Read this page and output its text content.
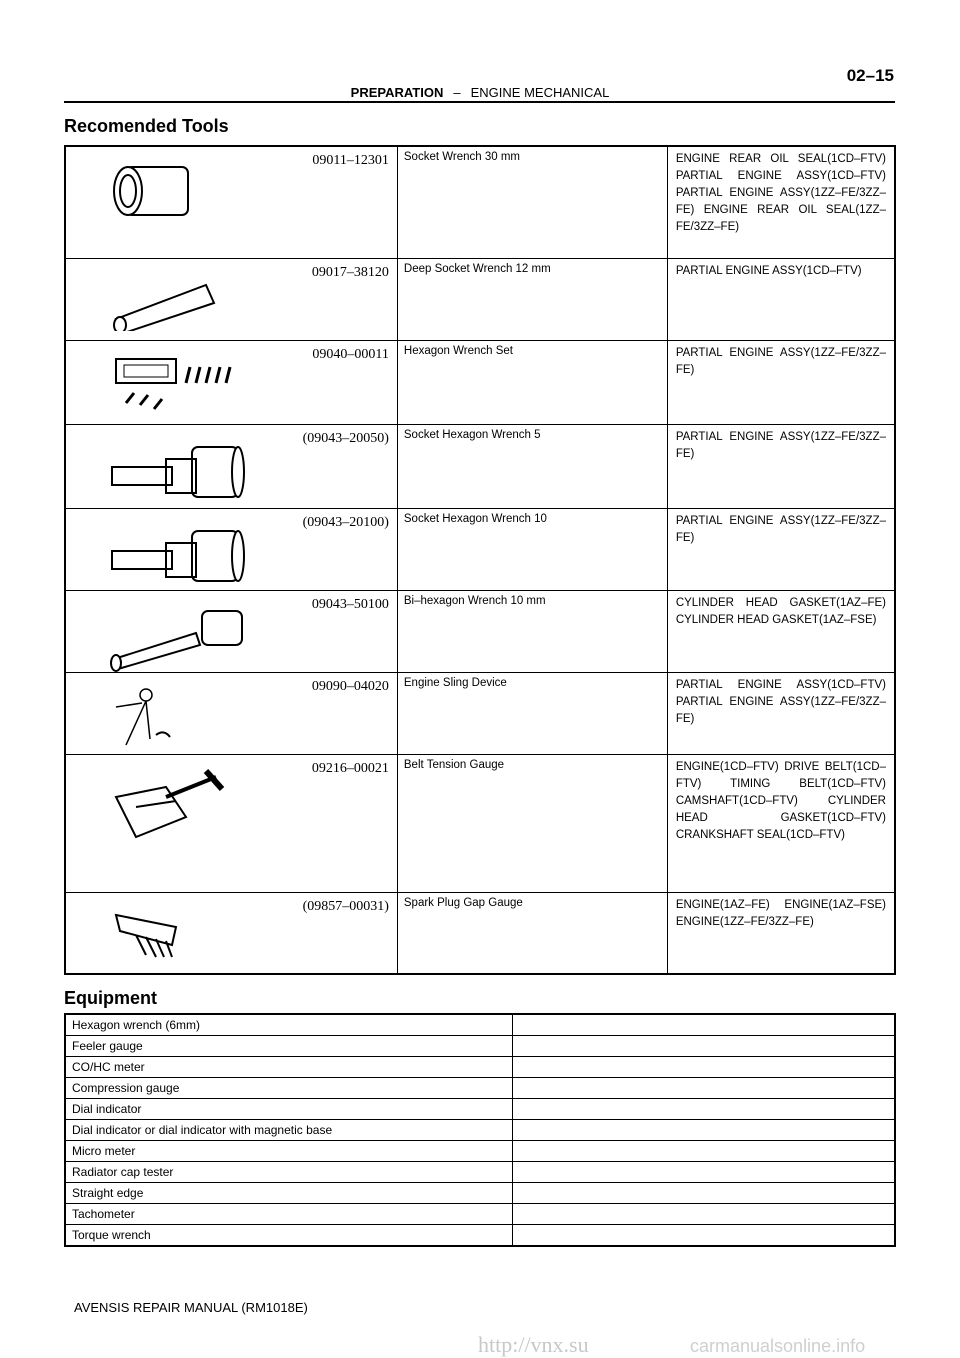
02–15
PREPARATION – ENGINE MECHANICAL
Recomended Tools
09011–12301	Socket Wrench 30 mm	ENGINE REAR OIL SEAL(1CD–FTV) PARTIAL ENGINE ASSY(1CD–FTV) PARTIAL ENGINE ASSY(1ZZ–FE/3ZZ–FE) ENGINE REAR OIL SEAL(1ZZ–FE/3ZZ–FE)

09017–38120	Deep Socket Wrench 12 mm	PARTIAL ENGINE ASSY(1CD–FTV)

09040–00011	Hexagon Wrench Set	PARTIAL ENGINE ASSY(1ZZ–FE/3ZZ–FE)

(09043–20050)	Socket Hexagon Wrench 5	PARTIAL ENGINE ASSY(1ZZ–FE/3ZZ–FE)

(09043–20100)	Socket Hexagon Wrench 10	PARTIAL ENGINE ASSY(1ZZ–FE/3ZZ–FE)

09043–50100	Bi–hexagon Wrench 10 mm	CYLINDER HEAD GASKET(1AZ–FE) CYLINDER HEAD GASKET(1AZ–FSE)

09090–04020	Engine Sling Device	PARTIAL ENGINE ASSY(1CD–FTV) PARTIAL ENGINE ASSY(1ZZ–FE/3ZZ–FE)

09216–00021	Belt Tension Gauge	ENGINE(1CD–FTV) DRIVE BELT(1CD–FTV) TIMING BELT(1CD–FTV) CAMSHAFT(1CD–FTV) CYLINDER HEAD GASKET(1CD–FTV) CRANKSHAFT SEAL(1CD–FTV)

(09857–00031)	Spark Plug Gap Gauge	ENGINE(1AZ–FE) ENGINE(1AZ–FSE) ENGINE(1ZZ–FE/3ZZ–FE)
Equipment
Hexagon wrench (6mm)	
Feeler gauge	
CO/HC meter	
Compression gauge	
Dial indicator	
Dial indicator or dial indicator with magnetic base	
Micro meter	
Radiator cap tester	
Straight edge	
Tachometer	
Torque wrench	
AVENSIS REPAIR MANUAL (RM1018E)
http://vnx.su	carmanualsonline.info
